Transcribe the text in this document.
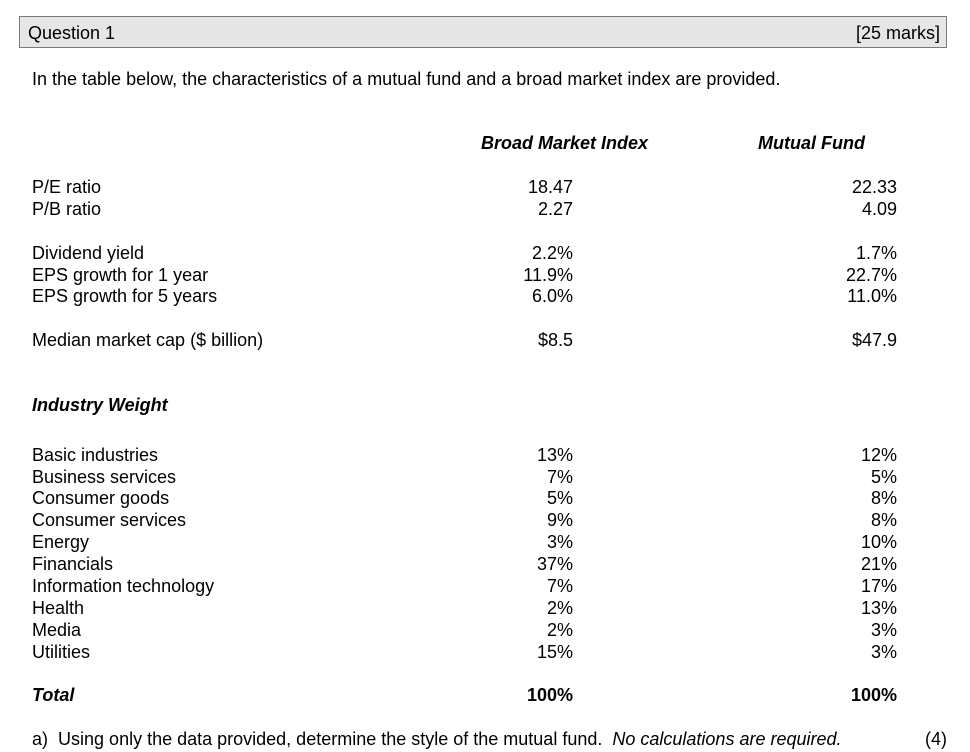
Question 1	[25 marks]
In the table below, the characteristics of a mutual fund and a broad market index are provided.
Broad Market Index	Mutual Fund
P/E ratio	18.47	22.33
P/B ratio	2.27	4.09
Dividend yield	2.2%	1.7%
EPS growth for 1 year	11.9%	22.7%
EPS growth for 5 years	6.0%	11.0%
Median market cap ($ billion)	$8.5	$47.9
Industry Weight
Basic industries	13%	12%
Business services	7%	5%
Consumer goods	5%	8%
Consumer services	9%	8%
Energy	3%	10%
Financials	37%	21%
Information technology	7%	17%
Health	2%	13%
Media	2%	3%
Utilities	15%	3%
Total	100%	100%
a) Using only the data provided, determine the style of the mutual fund. No calculations are required.	(4)
